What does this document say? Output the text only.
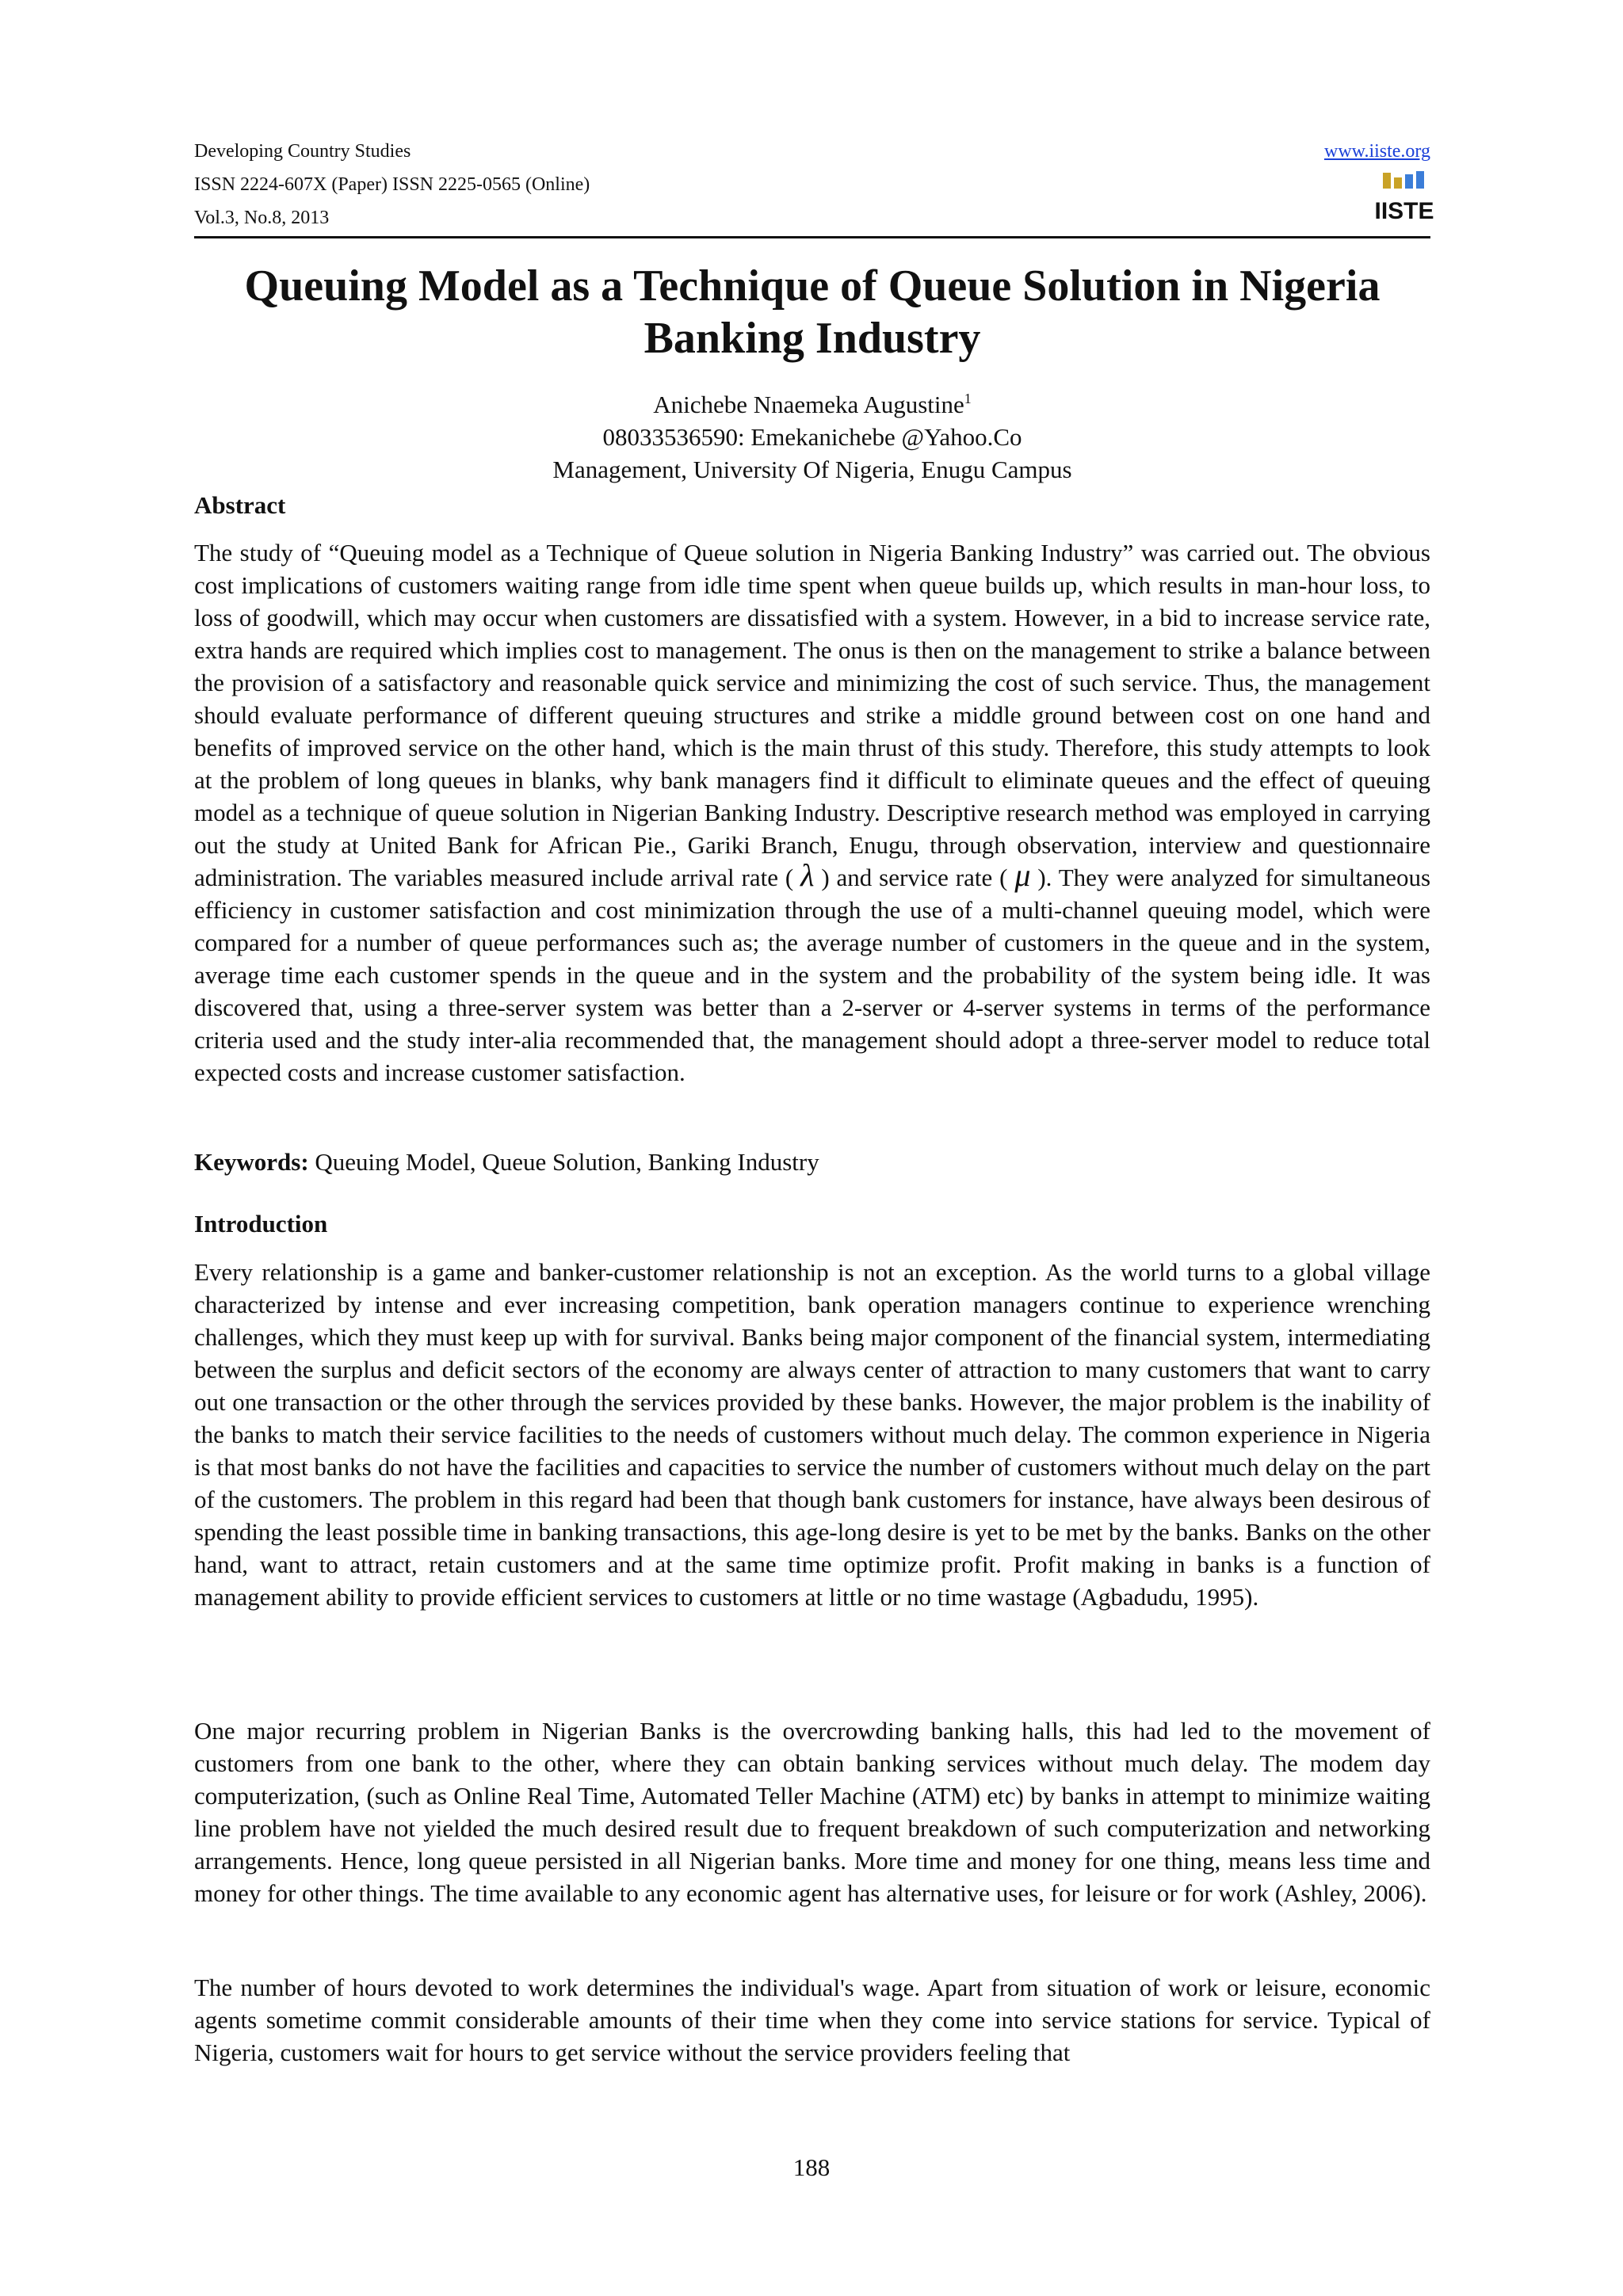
Developing Country Studies
ISSN 2224-607X (Paper) ISSN 2225-0565 (Online)
Vol.3, No.8, 2013
www.iiste.org
IISTE
Queuing Model as a Technique of Queue Solution in Nigeria
Banking Industry
Anichebe Nnaemeka Augustine$^1$
08033536590: Emekanichebe @Yahoo.Co
Management, University Of Nigeria, Enugu Campus
Abstract
The study of “Queuing model as a Technique of Queue solution in Nigeria Banking Industry” was carried out. The obvious cost implications of customers waiting range from idle time spent when queue builds up, which results in man-hour loss, to loss of goodwill, which may occur when customers are dissatisfied with a system. However, in a bid to increase service rate, extra hands are required which implies cost to management. The onus is then on the management to strike a balance between the provision of a satisfactory and reasonable quick service and minimizing the cost of such service. Thus, the management should evaluate performance of different queuing structures and strike a middle ground between cost on one hand and benefits of improved service on the other hand, which is the main thrust of this study. Therefore, this study attempts to look at the problem of long queues in blanks, why bank managers find it difficult to eliminate queues and the effect of queuing model as a technique of queue solution in Nigerian Banking Industry. Descriptive research method was employed in carrying out the study at United Bank for African Pie., Gariki Branch, Enugu, through observation, interview and questionnaire administration. The variables measured include arrival rate ( λ ) and service rate ( μ ). They were analyzed for simultaneous efficiency in customer satisfaction and cost minimization through the use of a multi-channel queuing model, which were compared for a number of queue performances such as; the average number of customers in the queue and in the system, average time each customer spends in the queue and in the system and the probability of the system being idle. It was discovered that, using a three-server system was better than a 2-server or 4-server systems in terms of the performance criteria used and the study inter-alia recommended that, the management should adopt a three-server model to reduce total expected costs and increase customer satisfaction.
Keywords: Queuing Model, Queue Solution, Banking Industry
Introduction
Every relationship is a game and banker-customer relationship is not an exception. As the world turns to a global village characterized by intense and ever increasing competition, bank operation managers continue to experience wrenching challenges, which they must keep up with for survival. Banks being major component of the financial system, intermediating between the surplus and deficit sectors of the economy are always center of attraction to many customers that want to carry out one transaction or the other through the services provided by these banks. However, the major problem is the inability of the banks to match their service facilities to the needs of customers without much delay. The common experience in Nigeria is that most banks do not have the facilities and capacities to service the number of customers without much delay on the part of the customers. The problem in this regard had been that though bank customers for instance, have always been desirous of spending the least possible time in banking transactions, this age-long desire is yet to be met by the banks. Banks on the other hand, want to attract, retain customers and at the same time optimize profit. Profit making in banks is a function of management ability to provide efficient services to customers at little or no time wastage (Agbadudu, 1995).
One major recurring problem in Nigerian Banks is the overcrowding banking halls, this had led to the movement of customers from one bank to the other, where they can obtain banking services without much delay. The modem day computerization, (such as Online Real Time, Automated Teller Machine (ATM) etc) by banks in attempt to minimize waiting line problem have not yielded the much desired result due to frequent breakdown of such computerization and networking arrangements. Hence, long queue persisted in all Nigerian banks. More time and money for one thing, means less time and money for other things. The time available to any economic agent has alternative uses, for leisure or for work (Ashley, 2006).
The number of hours devoted to work determines the individual's wage. Apart from situation of work or leisure, economic agents sometime commit considerable amounts of their time when they come into service stations for service. Typical of Nigeria, customers wait for hours to get service without the service providers feeling that
188
